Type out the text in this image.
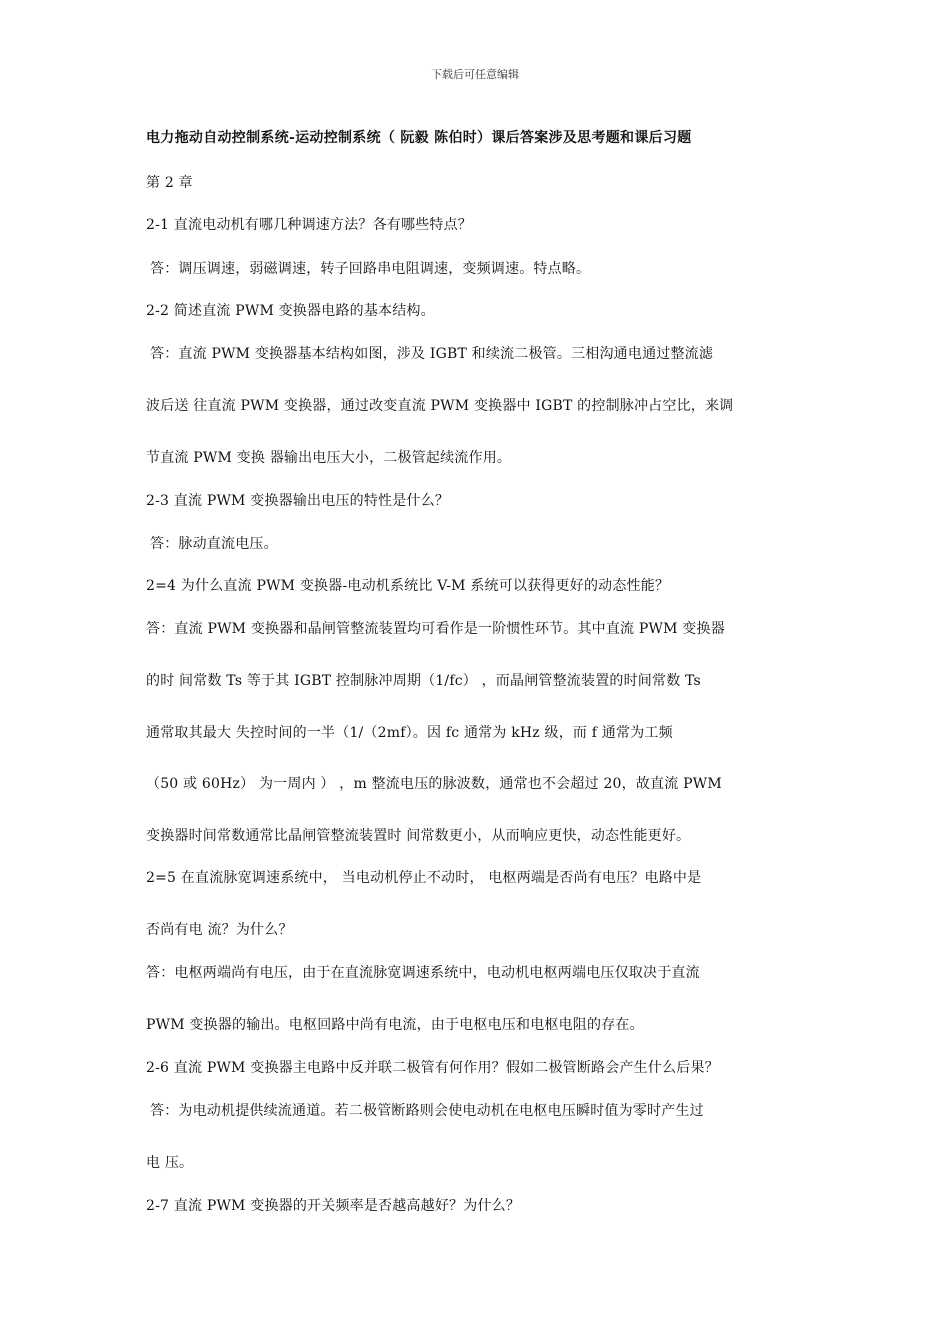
下载后可任意编辑
电力拖动自动控制系统-运动控制系统（ 阮毅 陈伯时）课后答案涉及思考题和课后习题
第 2 章
2-1 直流电动机有哪几种调速方法？各有哪些特点？
答：调压调速，弱磁调速，转子回路串电阻调速，变频调速。特点略。
2-2 简述直流 PWM 变换器电路的基本结构。
答：直流 PWM 变换器基本结构如图，涉及 IGBT 和续流二极管。三相沟通电通过整流滤
波后送 往直流 PWM 变换器，通过改变直流 PWM 变换器中 IGBT 的控制脉冲占空比，来调
节直流 PWM 变换 器输出电压大小，二极管起续流作用。
2-3 直流 PWM 变换器输出电压的特性是什么？
答：脉动直流电压。
2=4 为什么直流 PWM 变换器-电动机系统比 V-M 系统可以获得更好的动态性能？
答：直流 PWM 变换器和晶闸管整流装置均可看作是一阶惯性环节。其中直流 PWM 变换器
的时 间常数 Ts 等于其 IGBT 控制脉冲周期（1/fc） ，而晶闸管整流装置的时间常数 Ts
通常取其最大 失控时间的一半（1/（2mf）。因 fc 通常为 kHz 级，而 f 通常为工频
（50 或 60Hz） 为一周内 ） ，m 整流电压的脉波数，通常也不会超过 20，故直流 PWM
变换器时间常数通常比晶闸管整流装置时 间常数更小，从而响应更快，动态性能更好。
2=5 在直流脉宽调速系统中， 当电动机停止不动时， 电枢两端是否尚有电压？电路中是
否尚有电 流？为什么？
答：电枢两端尚有电压，由于在直流脉宽调速系统中，电动机电枢两端电压仅取决于直流
PWM 变换器的输出。电枢回路中尚有电流，由于电枢电压和电枢电阻的存在。
2-6 直流 PWM 变换器主电路中反并联二极管有何作用？假如二极管断路会产生什么后果？
答：为电动机提供续流通道。若二极管断路则会使电动机在电枢电压瞬时值为零时产生过
电 压。
2-7 直流 PWM 变换器的开关频率是否越高越好？为什么？
